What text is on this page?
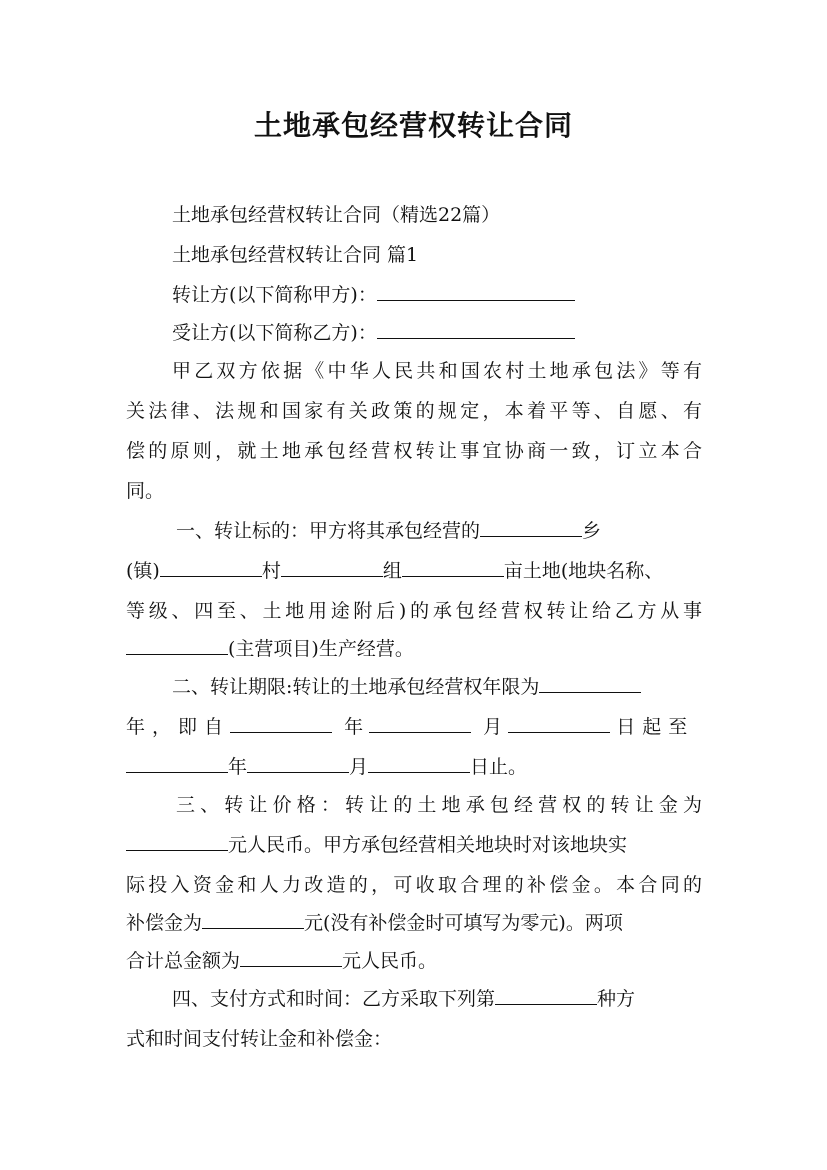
土地承包经营权转让合同
土地承包经营权转让合同（精选22篇）
土地承包经营权转让合同 篇1
转让方(以下简称甲方)：
受让方(以下简称乙方)：
甲乙双方依据《中华人民共和国农村土地承包法》等有
关法律、法规和国家有关政策的规定，本着平等、自愿、有
偿的原则，就土地承包经营权转让事宜协商一致，订立本合
同。
一、转让标的：甲方将其承包经营的	乡
(镇)	村	组	亩土地(地块名称、
等级、四至、土地用途附后)的承包经营权转让给乙方从事
(主营项目)生产经营。
二、转让期限:转让的土地承包经营权年限为
年，即自	年	月	日起至
年	月	日止。
三、转让价格：转让的土地承包经营权的转让金为
元人民币。甲方承包经营相关地块时对该地块实
际投入资金和人力改造的，可收取合理的补偿金。本合同的
补偿金为	元(没有补偿金时可填写为零元)。两项
合计总金额为	元人民币。
四、支付方式和时间：乙方采取下列第	种方
式和时间支付转让金和补偿金：
